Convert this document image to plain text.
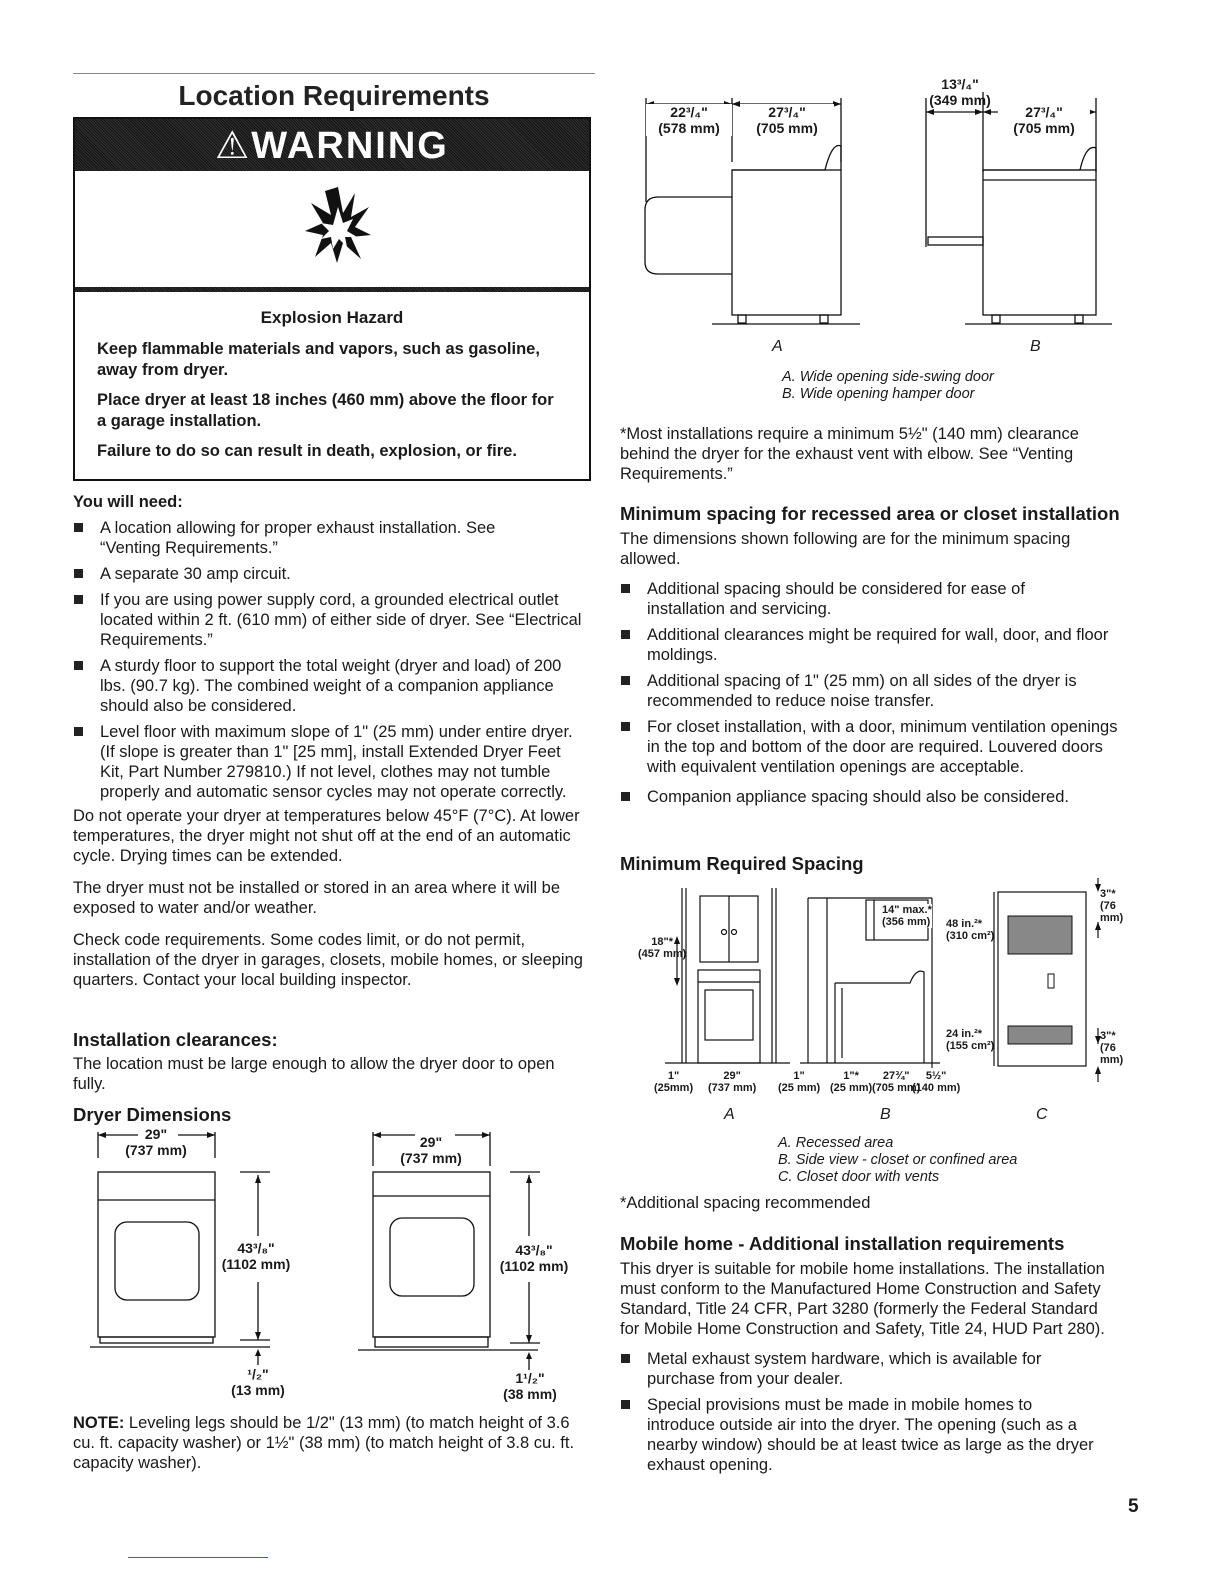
Location Requirements
⚠WARNING
Explosion Hazard
Keep flammable materials and vapors, such as gasoline, away from dryer.
Place dryer at least 18 inches (460 mm) above the floor for a garage installation.
Failure to do so can result in death, explosion, or fire.
You will need:
A location allowing for proper exhaust installation. See “Venting Requirements.”
A separate 30 amp circuit.
If you are using power supply cord, a grounded electrical outlet located within 2 ft. (610 mm) of either side of dryer. See “Electrical Requirements.”
A sturdy floor to support the total weight (dryer and load) of 200 lbs. (90.7 kg). The combined weight of a companion appliance should also be considered.
Level floor with maximum slope of 1" (25 mm) under entire dryer. (If slope is greater than 1" [25 mm], install Extended Dryer Feet Kit, Part Number 279810.) If not level, clothes may not tumble properly and automatic sensor cycles may not operate correctly.
Do not operate your dryer at temperatures below 45°F (7°C). At lower temperatures, the dryer might not shut off at the end of an automatic cycle. Drying times can be extended.
The dryer must not be installed or stored in an area where it will be exposed to water and/or weather.
Check code requirements. Some codes limit, or do not permit, installation of the dryer in garages, closets, mobile homes, or sleeping quarters. Contact your local building inspector.
Installation clearances:
The location must be large enough to allow the dryer door to open fully.
Dryer Dimensions
29"
(737 mm)
43³/₈"
(1102 mm)
¹/₂"
(13 mm)
29"
(737 mm)
43³/₈"
(1102 mm)
1¹/₂"
(38 mm)
NOTE: Leveling legs should be 1/2" (13 mm) (to match height of 3.6 cu. ft. capacity washer) or 1½" (38 mm) (to match height of 3.8 cu. ft. capacity washer).
22³/₄"
(578 mm)
27³/₄"
(705 mm)
13³/₄"
(349 mm)
27³/₄"
(705 mm)
A	B
A. Wide opening side-swing door
B. Wide opening hamper door
*Most installations require a minimum 5½" (140 mm) clearance behind the dryer for the exhaust vent with elbow. See “Venting Requirements.”
Minimum spacing for recessed area or closet installation
The dimensions shown following are for the minimum spacing allowed.
Additional spacing should be considered for ease of installation and servicing.
Additional clearances might be required for wall, door, and floor moldings.
Additional spacing of 1" (25 mm) on all sides of the dryer is recommended to reduce noise transfer.
For closet installation, with a door, minimum ventilation openings in the top and bottom of the door are required. Louvered doors with equivalent ventilation openings are acceptable.
Companion appliance spacing should also be considered.
Minimum Required Spacing
18"*
(457 mm)
14" max.*
(356 mm) 48 in.²*
(310 cm²)
24 in.²*
(155 cm²)
3"*
(76 mm)
3"*
(76 mm)
1"
(25mm)
29"
(737 mm)
1"
(25 mm)
1"*
(25 mm)
27¾"
(705 mm)
5½"
(140 mm)
A	B	C
A. Recessed area
B. Side view - closet or confined area
C. Closet door with vents
*Additional spacing recommended
Mobile home - Additional installation requirements
This dryer is suitable for mobile home installations. The installation must conform to the Manufactured Home Construction and Safety Standard, Title 24 CFR, Part 3280 (formerly the Federal Standard for Mobile Home Construction and Safety, Title 24, HUD Part 280).
Metal exhaust system hardware, which is available for purchase from your dealer.
Special provisions must be made in mobile homes to introduce outside air into the dryer. The opening (such as a nearby window) should be at least twice as large as the dryer exhaust opening.
5
